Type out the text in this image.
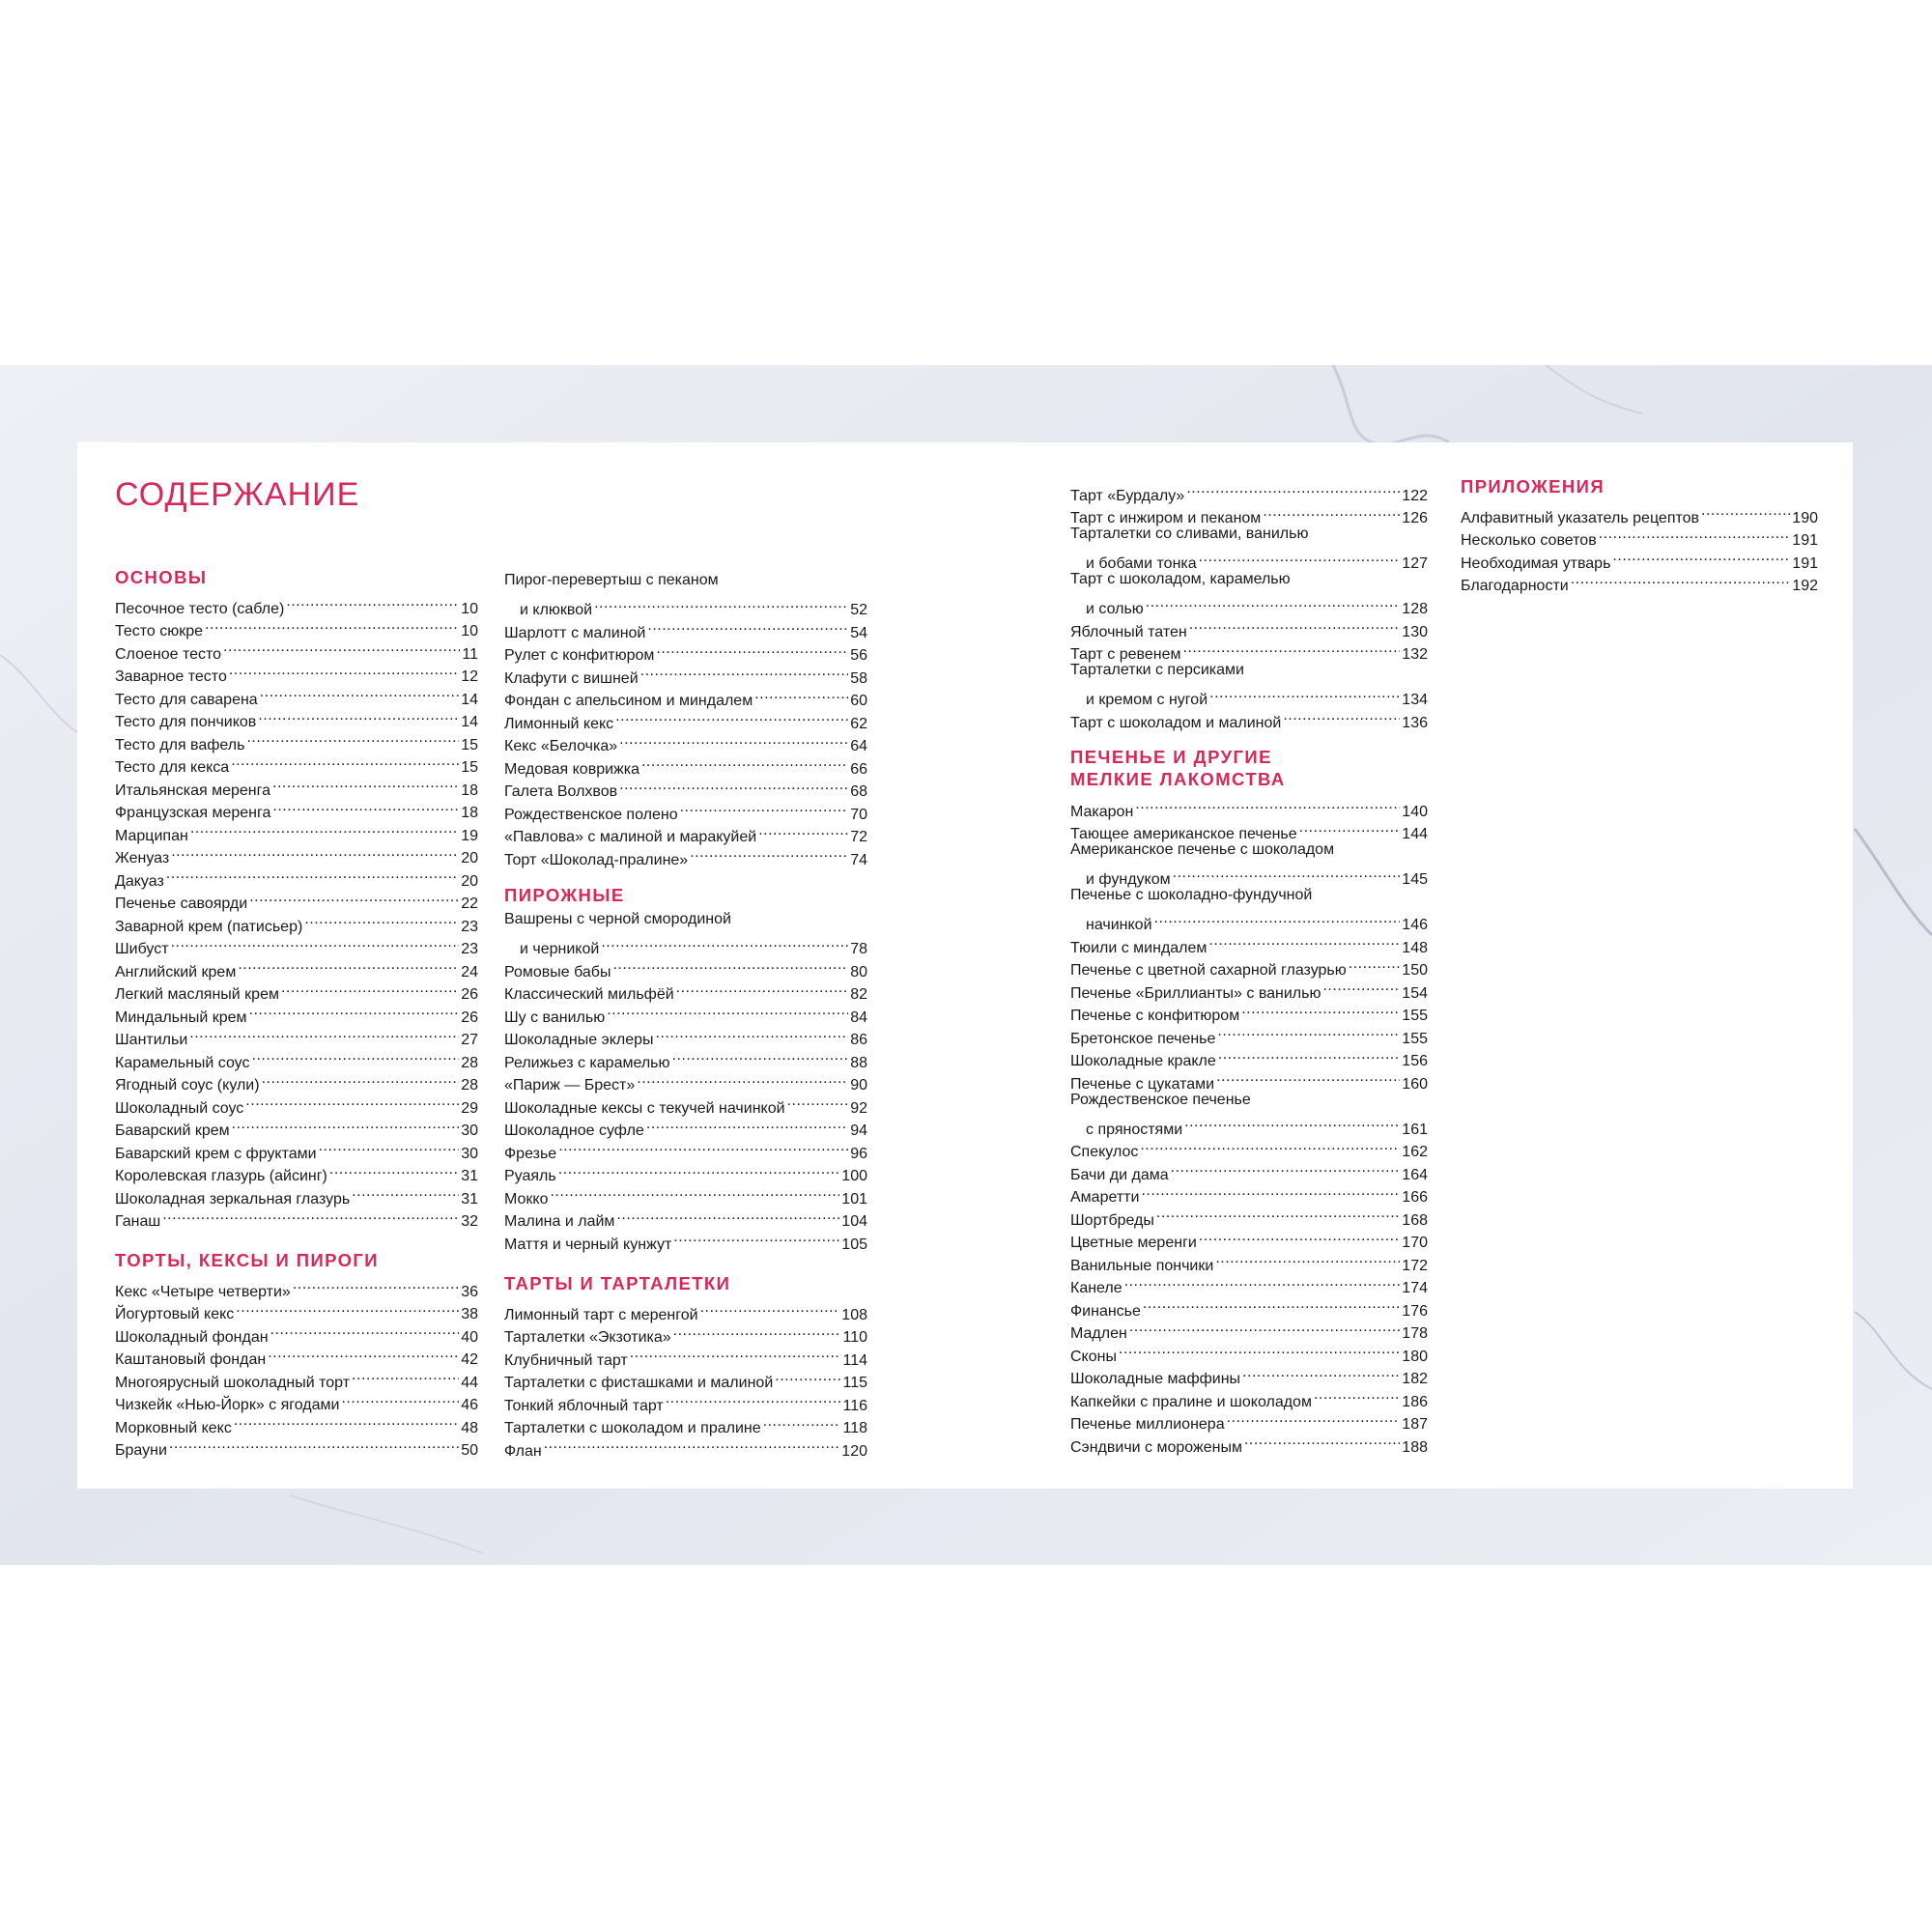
СОДЕРЖАНИЕ
ОСНОВЫ
Песочное тесто (сабле) .....	10
Тесто сюкре .....	10
Слоеное тесто .....	11
Заварное тесто .....	12
Тесто для саварена .....	14
Тесто для пончиков .....	14
Тесто для вафель .....	15
Тесто для кекса .....	15
Итальянская меренга .....	18
Французская меренга .....	18
Марципан .....	19
Женуаз .....	20
Дакуаз .....	20
Печенье савоярди .....	22
Заварной крем (патисьер) .....	23
Шибуст .....	23
Английский крем .....	24
Легкий масляный крем .....	26
Миндальный крем .....	26
Шантильи .....	27
Карамельный соус .....	28
Ягодный соус (кули) .....	28
Шоколадный соус .....	29
Баварский крем .....	30
Баварский крем с фруктами .....	30
Королевская глазурь (айсинг) .....	31
Шоколадная зеркальная глазурь .....	31
Ганаш .....	32
ТОРТЫ, КЕКСЫ И ПИРОГИ
Кекс «Четыре четверти» .....	36
Йогуртовый кекс .....	38
Шоколадный фондан .....	40
Каштановый фондан .....	42
Многоярусный шоколадный торт .....	44
Чизкейк «Нью-Йорк» с ягодами .....	46
Морковный кекс .....	48
Брауни .....	50
Пирог-перевертыш с пеканом
и клюквой .....	52
Шарлотт с малиной .....	54
Рулет с конфитюром .....	56
Клафути с вишней .....	58
Фондан с апельсином и миндалем .....	60
Лимонный кекс .....	62
Кекс «Белочка» .....	64
Медовая коврижка .....	66
Галета Волхвов .....	68
Рождественское полено .....	70
«Павлова» с малиной и маракуйей .....	72
Торт «Шоколад-пралине» .....	74
ПИРОЖНЫЕ
Вашрены с черной смородиной
и черникой .....	78
Ромовые бабы .....	80
Классический мильфёй .....	82
Шу с ванилью .....	84
Шоколадные эклеры .....	86
Релижьез с карамелью .....	88
«Париж — Брест» .....	90
Шоколадные кексы с текучей начинкой .....	92
Шоколадное суфле .....	94
Фрезье .....	96
Руаяль .....	100
Мокко .....	101
Малина и лайм .....	104
Маття и черный кунжут .....	105
ТАРТЫ И ТАРТАЛЕТКИ
Лимонный тарт с меренгой .....	108
Тарталетки «Экзотика» .....	110
Клубничный тарт .....	114
Тарталетки с фисташками и малиной .....	115
Тонкий яблочный тарт .....	116
Тарталетки с шоколадом и пралине .....	118
Флан .....	120
Тарт «Бурдалу» .....	122
Тарт с инжиром и пеканом .....	126
Тарталетки со сливами, ванилью
и бобами тонка .....	127
Тарт с шоколадом, карамелью
и солью .....	128
Яблочный татен .....	130
Тарт с ревенем .....	132
Тарталетки с персиками
и кремом с нугой .....	134
Тарт с шоколадом и малиной .....	136
ПЕЧЕНЬЕ И ДРУГИЕ
МЕЛКИЕ ЛАКОМСТВА
Макарон .....	140
Тающее американское печенье .....	144
Американское печенье с шоколадом
и фундуком .....	145
Печенье с шоколадно-фундучной
начинкой .....	146
Тюили с миндалем .....	148
Печенье с цветной сахарной глазурью .....	150
Печенье «Бриллианты» с ванилью .....	154
Печенье с конфитюром .....	155
Бретонское печенье .....	155
Шоколадные кракле .....	156
Печенье с цукатами .....	160
Рождественское печенье
с пряностями .....	161
Спекулос .....	162
Бачи ди дама .....	164
Амаретти .....	166
Шортбреды .....	168
Цветные меренги .....	170
Ванильные пончики .....	172
Канеле .....	174
Финансье .....	176
Мадлен .....	178
Сконы .....	180
Шоколадные маффины .....	182
Капкейки с пралине и шоколадом .....	186
Печенье миллионера .....	187
Сэндвичи с мороженым .....	188
ПРИЛОЖЕНИЯ
Алфавитный указатель рецептов .....	190
Несколько советов .....	191
Необходимая утварь .....	191
Благодарности .....	192
